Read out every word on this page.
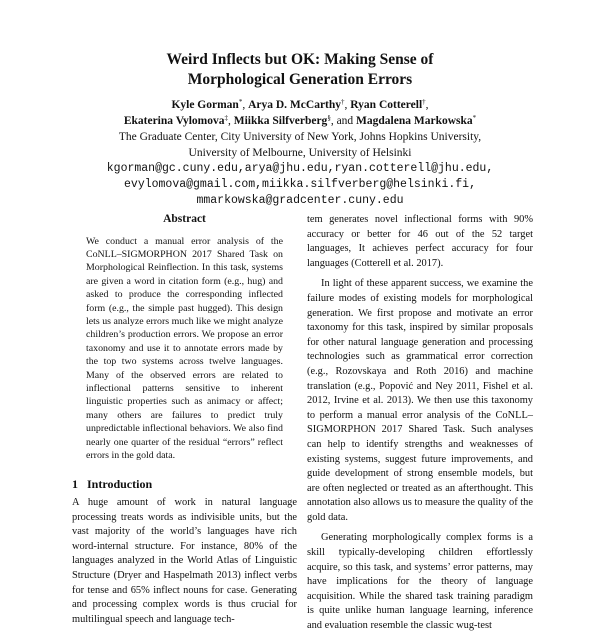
Weird Inflects but OK: Making Sense of
Morphological Generation Errors
Kyle Gorman*, Arya D. McCarthy†, Ryan Cotterell†,
Ekaterina Vylomova‡, Miikka Silfverberg§, and Magdalena Markowska*
The Graduate Center, City University of New York, Johns Hopkins University,
University of Melbourne, University of Helsinki
kgorman@gc.cuny.edu,arya@jhu.edu,ryan.cotterell@jhu.edu,
evylomova@gmail.com,miikka.silfverberg@helsinki.fi,
mmarkowska@gradcenter.cuny.edu
Abstract
We conduct a manual error analysis of the CoNLL–SIGMORPHON 2017 Shared Task on Morphological Reinflection. In this task, systems are given a word in citation form (e.g., hug) and asked to produce the corresponding inflected form (e.g., the simple past hugged). This design lets us analyze errors much like we might analyze children’s production errors. We propose an error taxonomy and use it to annotate errors made by the top two systems across twelve languages. Many of the observed errors are related to inflectional patterns sensitive to inherent linguistic properties such as animacy or affect; many others are failures to predict truly unpredictable inflectional behaviors. We also find nearly one quarter of the residual “errors” reflect errors in the gold data.
1 Introduction

A huge amount of work in natural language processing treats words as indivisible units, but the vast majority of the world’s languages have rich word-internal structure. For instance, 80% of the languages analyzed in the World Atlas of Linguistic Structure (Dryer and Haspelmath 2013) inflect verbs for tense and 65% inflect nouns for case. Generating and processing complex words is thus crucial for multilingual speech and language tech-

tem generates novel inflectional forms with 90% accuracy or better for 46 out of the 52 target languages, It achieves perfect accuracy for four languages (Cotterell et al. 2017).

In light of these apparent success, we examine the failure modes of existing models for morphological generation. We first propose and motivate an error taxonomy for this task, inspired by similar proposals for other natural language generation and processing technologies such as grammatical error correction (e.g., Rozovskaya and Roth 2016) and machine translation (e.g., Popović and Ney 2011, Fishel et al. 2012, Irvine et al. 2013). We then use this taxonomy to perform a manual error analysis of the CoNLL–SIGMORPHON 2017 Shared Task. Such analyses can help to identify strengths and weaknesses of existing systems, suggest future improvements, and guide development of strong ensemble models, but are often neglected or treated as an afterthought. This annotation also allows us to measure the quality of the gold data.

Generating morphologically complex forms is a skill typically-developing children effortlessly acquire, so this task, and systems’ error patterns, may have implications for the theory of language acquisition. While the shared task training paradigm is quite unlike human language learning, inference and evaluation resemble the classic wug-test
